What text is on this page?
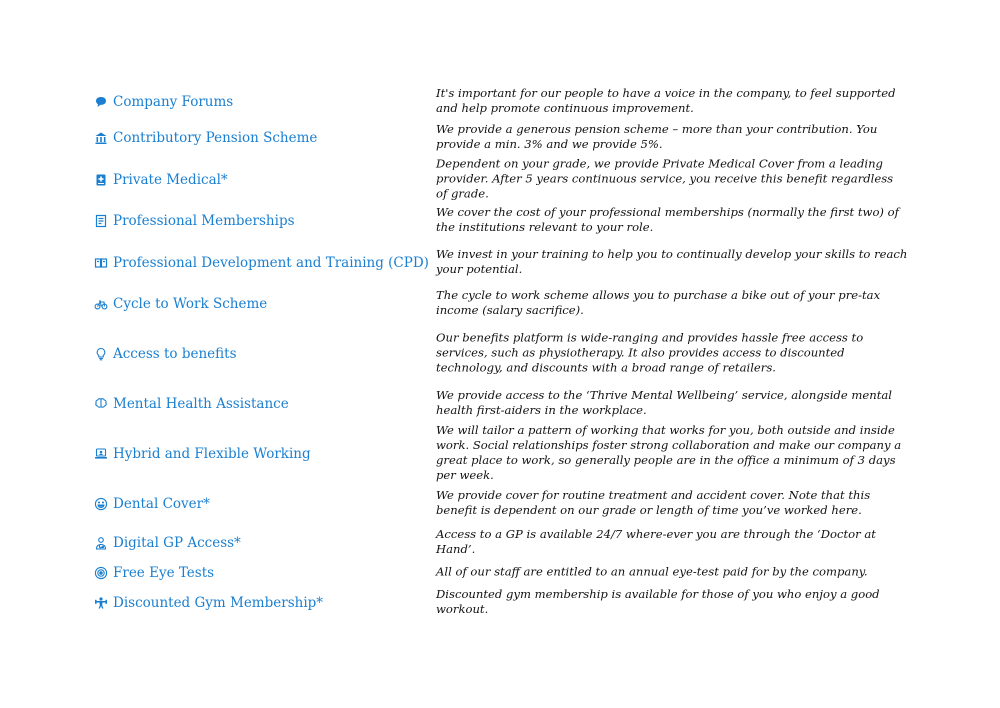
Company Forums
It's important for our people to have a voice in the company, to feel supported and help promote continuous improvement.
Contributory Pension Scheme
We provide a generous pension scheme – more than your contribution. You provide a min. 3% and we provide 5%.
Private Medical*
Dependent on your grade, we provide Private Medical Cover from a leading provider. After 5 years continuous service, you receive this benefit regardless of grade.
Professional Memberships
We cover the cost of your professional memberships (normally the first two) of the institutions relevant to your role.
Professional Development and Training (CPD)
We invest in your training to help you to continually develop your skills to reach your potential.
Cycle to Work Scheme
The cycle to work scheme allows you to purchase a bike out of your pre-tax income (salary sacrifice).
Access to benefits
Our benefits platform is wide-ranging and provides hassle free access to services, such as physiotherapy. It also provides access to discounted technology, and discounts with a broad range of retailers.
Mental Health Assistance
We provide access to the ‘Thrive Mental Wellbeing’ service, alongside mental health first-aiders in the workplace.
Hybrid and Flexible Working
We will tailor a pattern of working that works for you, both outside and inside work. Social relationships foster strong collaboration and make our company a great place to work, so generally people are in the office a minimum of 3 days per week.
Dental Cover*
We provide cover for routine treatment and accident cover. Note that this benefit is dependent on our grade or length of time you’ve worked here.
Digital GP Access*
Access to a GP is available 24/7 where-ever you are through the ‘Doctor at Hand’.
Free Eye Tests	All of our staff are entitled to an annual eye-test paid for by the company.
Discounted Gym Membership*
Discounted gym membership is available for those of you who enjoy a good workout.
